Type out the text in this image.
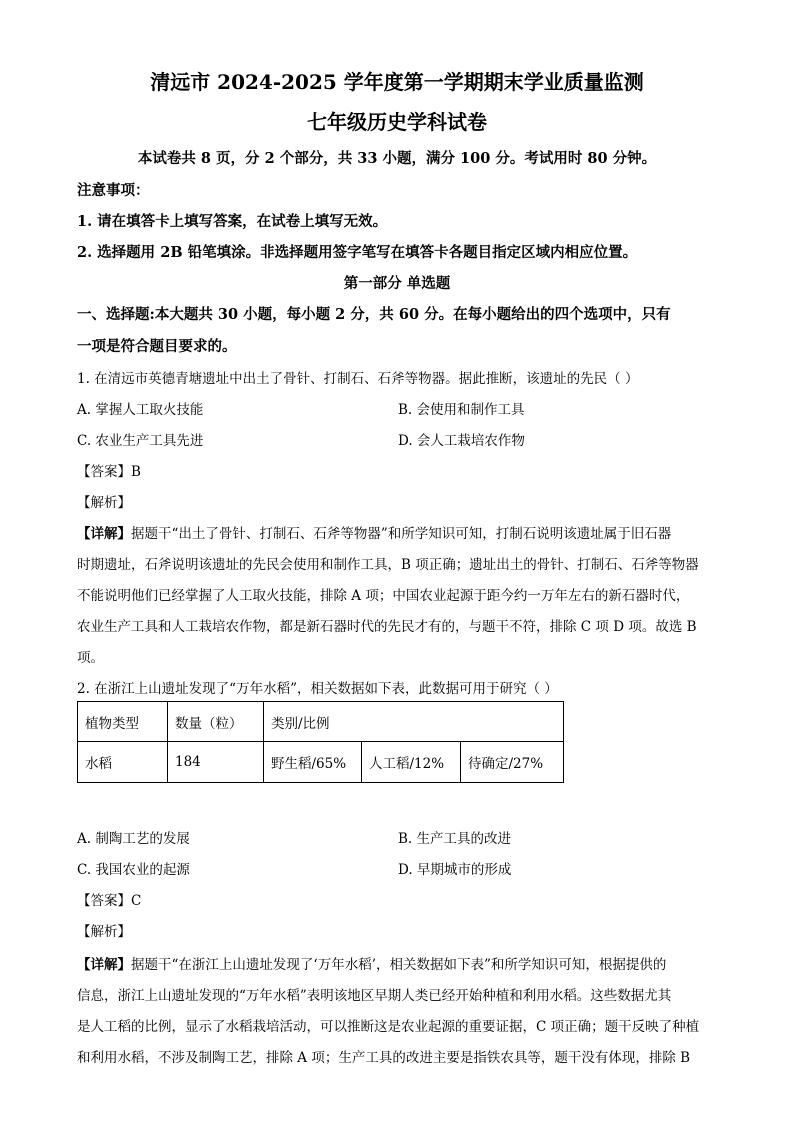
清远市 2024-2025 学年度第一学期期末学业质量监测
七年级历史学科试卷
本试卷共 8 页，分 2 个部分，共 33 小题，满分 100 分。考试用时 80 分钟。
注意事项：
1. 请在填答卡上填写答案，在试卷上填写无效。
2. 选择题用 2B 铅笔填涂。非选择题用签字笔写在填答卡各题目指定区域内相应位置。
第一部分 单选题
一、选择题:本大题共 30 小题，每小题 2 分，共 60 分。在每小题给出的四个选项中，只有
一项是符合题目要求的。
1. 在清远市英德青塘遗址中出土了骨针、打制石、石斧等物器。据此推断，该遗址的先民（ ）
A. 掌握人工取火技能	B. 会使用和制作工具
C. 农业生产工具先进	D. 会人工栽培农作物
【答案】B
【解析】
【详解】据题干“出土了骨针、打制石、石斧等物器”和所学知识可知，打制石说明该遗址属于旧石器
时期遗址，石斧说明该遗址的先民会使用和制作工具，B 项正确；遗址出土的骨针、打制石、石斧等物器
不能说明他们已经掌握了人工取火技能，排除 A 项；中国农业起源于距今约一万年左右的新石器时代，
农业生产工具和人工栽培农作物，都是新石器时代的先民才有的，与题干不符，排除 C 项 D 项。故选 B
项。
2. 在浙江上山遗址发现了“万年水稻”，相关数据如下表，此数据可用于研究（ ）
植物类型	数量（粒）	类别/比例		
水稻	184	野生稻/65%	人工稻/12%	待确定/27%
A. 制陶工艺的发展	B. 生产工具的改进
C. 我国农业的起源	D. 早期城市的形成
【答案】C
【解析】
【详解】据题干“在浙江上山遗址发现了‘万年水稻’，相关数据如下表”和所学知识可知，根据提供的
信息，浙江上山遗址发现的“万年水稻”表明该地区早期人类已经开始种植和利用水稻。这些数据尤其
是人工稻的比例，显示了水稻栽培活动，可以推断这是农业起源的重要证据，C 项正确；题干反映了种植
和利用水稻，不涉及制陶工艺，排除 A 项；生产工具的改进主要是指铁农具等，题干没有体现，排除 B
